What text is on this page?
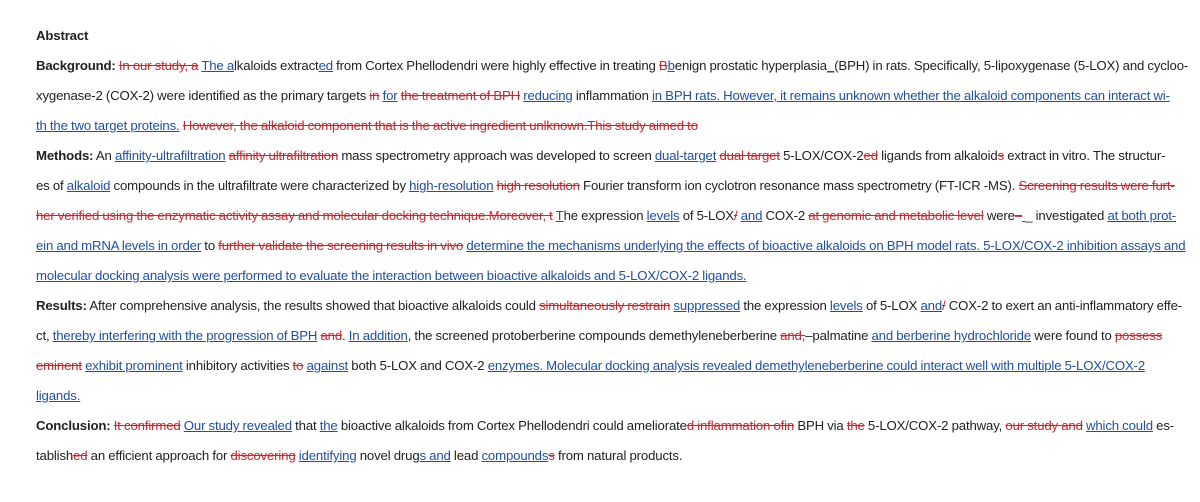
Abstract
Background: In our study, a The alkaloids extracted from Cortex Phellodendri were highly effective in treating Bbenign prostatic hyperplasia_(BPH) in rats. Specifically, 5-lipoxygenase (5-LOX) and cycloo-
xygenase-2 (COX-2) were identified as the primary targets in for the treatment of BPH reducing inflammation in BPH rats. However, it remains unknown whether the alkaloid components can interact wi-
th the two target proteins. However, the alkaloid component that is the active ingredient unlknown.This study aimed to
Methods: An affinity-ultrafiltration affinity ultrafiltration mass spectrometry approach was developed to screen dual-target dual target 5-LOX/COX-2ed ligands from alkaloids extract in vitro. The structur-
es of alkaloid compounds in the ultrafiltrate were characterized by high-resolution high resolution Fourier transform ion cyclotron resonance mass spectrometry (FT-ICR -MS). Screening results were furt-
her verified using the enzymatic activity assay and molecular docking technique.Moreover, t The expression levels of 5-LOX/ and COX-2 at genomic and metabolic level were– _ investigated at both prot-
ein and mRNA levels in order to further validate the screening results in vivo determine the mechanisms underlying the effects of bioactive alkaloids on BPH model rats. 5-LOX/COX-2 inhibition assays and
molecular docking analysis were performed to evaluate the interaction between bioactive alkaloids and 5-LOX/COX-2 ligands.
Results: After comprehensive analysis, the results showed that bioactive alkaloids could simultaneously restrain suppressed the expression levels of 5-LOX and/ COX-2 to exert an anti-inflammatory effe-
ct, thereby interfering with the progression of BPH and. In addition, the screened protoberberine compounds demethyleneberberine and,–palmatine and berberine hydrochloride were found to possess
eminent exhibit prominent inhibitory activities to against both 5-LOX and COX-2 enzymes. Molecular docking analysis revealed demethyleneberberine could interact well with multiple 5-LOX/COX-2
ligands.
Conclusion: It confirmed Our study revealed that the bioactive alkaloids from Cortex Phellodendri could ameliorated inflammation ofin BPH via the 5-LOX/COX-2 pathway, our study and which could es-
tablished an efficient approach for discovering identifying novel drugs and lead compoundss from natural products.
